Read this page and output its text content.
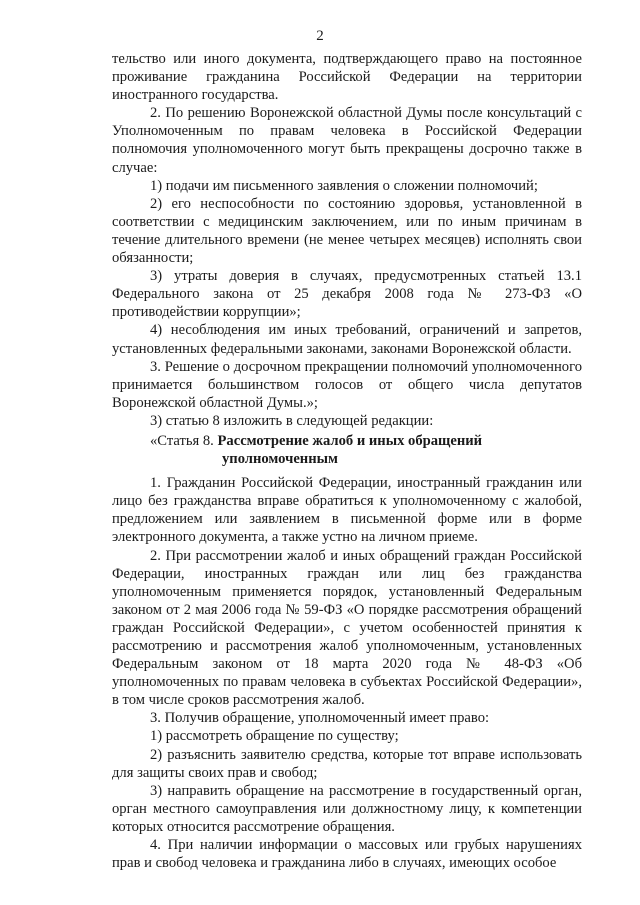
2

тельство или иного документа, подтверждающего право на постоянное проживание гражданина Российской Федерации на территории иностранного государства.

2. По решению Воронежской областной Думы после консультаций с Уполномоченным по правам человека в Российской Федерации полномочия уполномоченного могут быть прекращены досрочно также в случае:

1) подачи им письменного заявления о сложении полномочий;

2) его неспособности по состоянию здоровья, установленной в соответствии с медицинским заключением, или по иным причинам в течение длительного времени (не менее четырех месяцев) исполнять свои обязанности;

3) утраты доверия в случаях, предусмотренных статьей 13.1 Федерального закона от 25 декабря 2008 года № 273-ФЗ «О противодействии коррупции»;

4) несоблюдения им иных требований, ограничений и запретов, установленных федеральными законами, законами Воронежской области.

3. Решение о досрочном прекращении полномочий уполномоченного принимается большинством голосов от общего числа депутатов Воронежской областной Думы.»;

3) статью 8 изложить в следующей редакции:

«Статья 8. Рассмотрение жалоб и иных обращений
уполномоченным

1. Гражданин Российской Федерации, иностранный гражданин или лицо без гражданства вправе обратиться к уполномоченному с жалобой, предложением или заявлением в письменной форме или в форме электронного документа, а также устно на личном приеме.

2. При рассмотрении жалоб и иных обращений граждан Российской Федерации, иностранных граждан или лиц без гражданства уполномоченным применяется порядок, установленный Федеральным законом от 2 мая 2006 года № 59-ФЗ «О порядке рассмотрения обращений граждан Российской Федерации», с учетом особенностей принятия к рассмотрению и рассмотрения жалоб уполномоченным, установленных Федеральным законом от 18 марта 2020 года № 48-ФЗ «Об уполномоченных по правам человека в субъектах Российской Федерации», в том числе сроков рассмотрения жалоб.

3. Получив обращение, уполномоченный имеет право:

1) рассмотреть обращение по существу;

2) разъяснить заявителю средства, которые тот вправе использовать для защиты своих прав и свобод;

3) направить обращение на рассмотрение в государственный орган, орган местного самоуправления или должностному лицу, к компетенции которых относится рассмотрение обращения.

4. При наличии информации о массовых или грубых нарушениях прав и свобод человека и гражданина либо в случаях, имеющих особое
